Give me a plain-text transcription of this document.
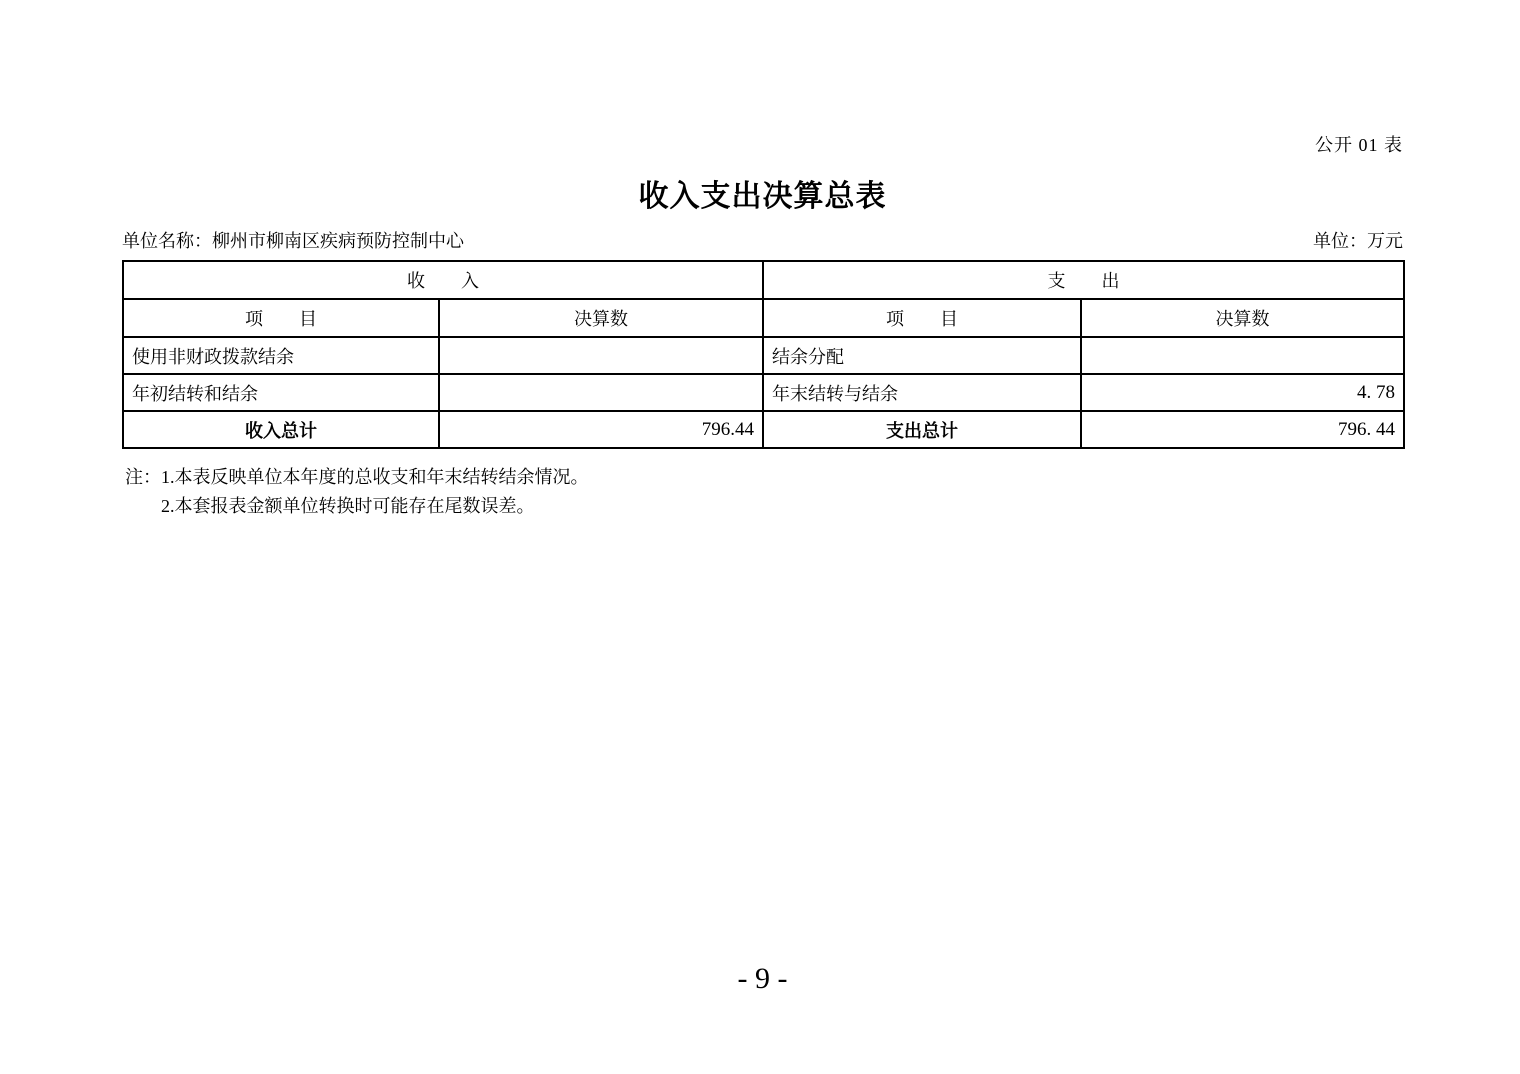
公开 01 表
收入支出决算总表
单位名称：柳州市柳南区疾病预防控制中心	单位：万元
收　　入		支　　出	
项　　目	决算数	项　　目	决算数
使用非财政拨款结余		结余分配	
年初结转和结余		年末结转与结余	4. 78
收入总计	796.44	支出总计	796. 44
注： 1.本表反映单位本年度的总收支和年末结转结余情况。
2.本套报表金额单位转换时可能存在尾数误差。
- 9 -
